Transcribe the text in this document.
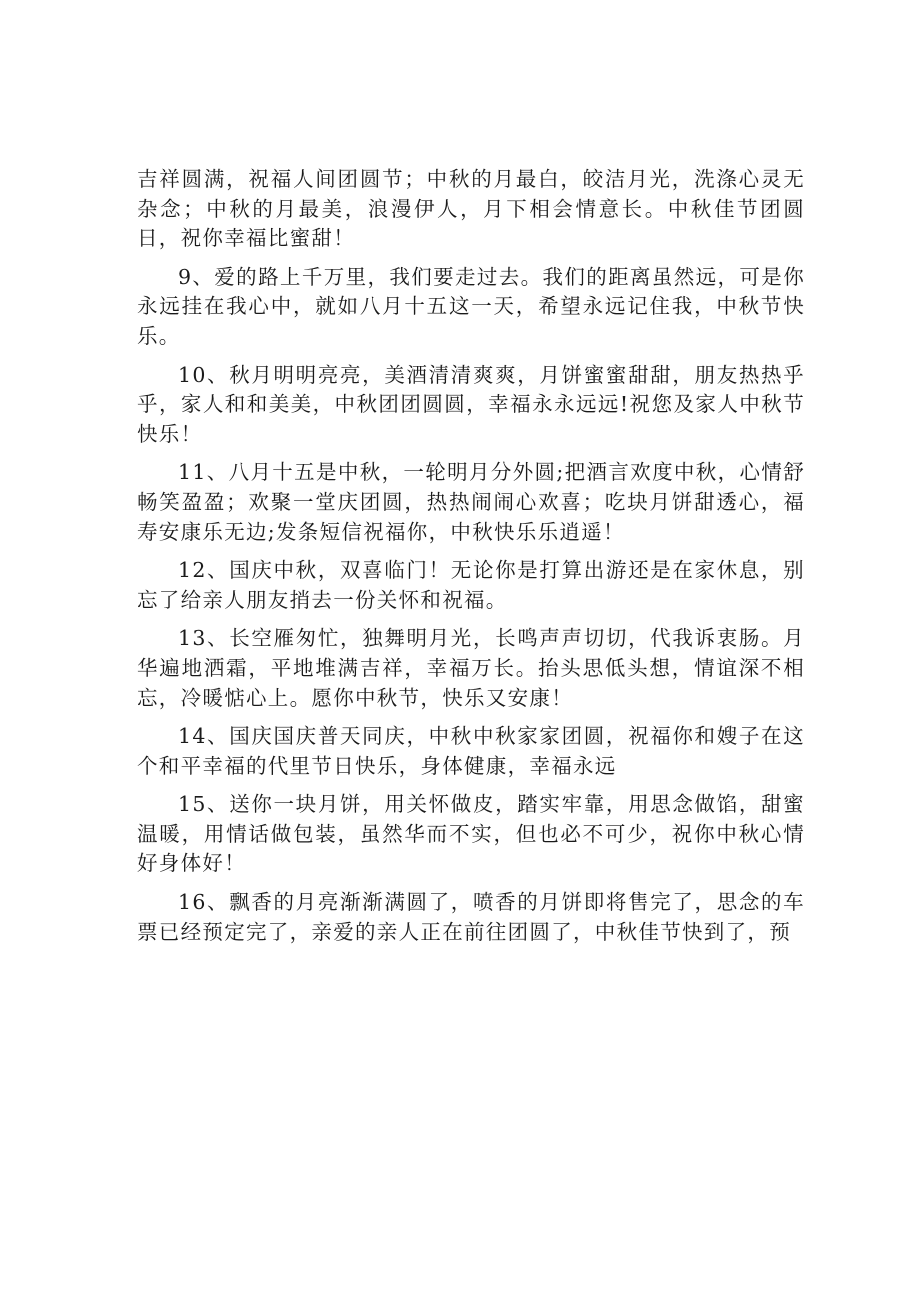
吉祥圆满，祝福人间团圆节；中秋的月最白，皎洁月光，洗涤心灵无杂念；中秋的月最美，浪漫伊人，月下相会情意长。中秋佳节团圆日，祝你幸福比蜜甜！

9、爱的路上千万里，我们要走过去。我们的距离虽然远，可是你永远挂在我心中，就如八月十五这一天，希望永远记住我，中秋节快乐。

10、秋月明明亮亮，美酒清清爽爽，月饼蜜蜜甜甜，朋友热热乎乎，家人和和美美，中秋团团圆圆，幸福永永远远!祝您及家人中秋节快乐！

11、八月十五是中秋，一轮明月分外圆;把酒言欢度中秋，心情舒畅笑盈盈；欢聚一堂庆团圆，热热闹闹心欢喜；吃块月饼甜透心，福寿安康乐无边;发条短信祝福你，中秋快乐乐逍遥！

12、国庆中秋，双喜临门！无论你是打算出游还是在家休息，别忘了给亲人朋友捎去一份关怀和祝福。

13、长空雁匆忙，独舞明月光，长鸣声声切切，代我诉衷肠。月华遍地洒霜，平地堆满吉祥，幸福万长。抬头思低头想，情谊深不相忘，冷暖惦心上。愿你中秋节，快乐又安康！

14、国庆国庆普天同庆，中秋中秋家家团圆，祝福你和嫂子在这个和平幸福的代里节日快乐，身体健康，幸福永远

15、送你一块月饼，用关怀做皮，踏实牢靠，用思念做馅，甜蜜温暖，用情话做包装，虽然华而不实，但也必不可少，祝你中秋心情好身体好！

16、飘香的月亮渐渐满圆了，喷香的月饼即将售完了，思念的车票已经预定完了，亲爱的亲人正在前往团圆了，中秋佳节快到了，预
